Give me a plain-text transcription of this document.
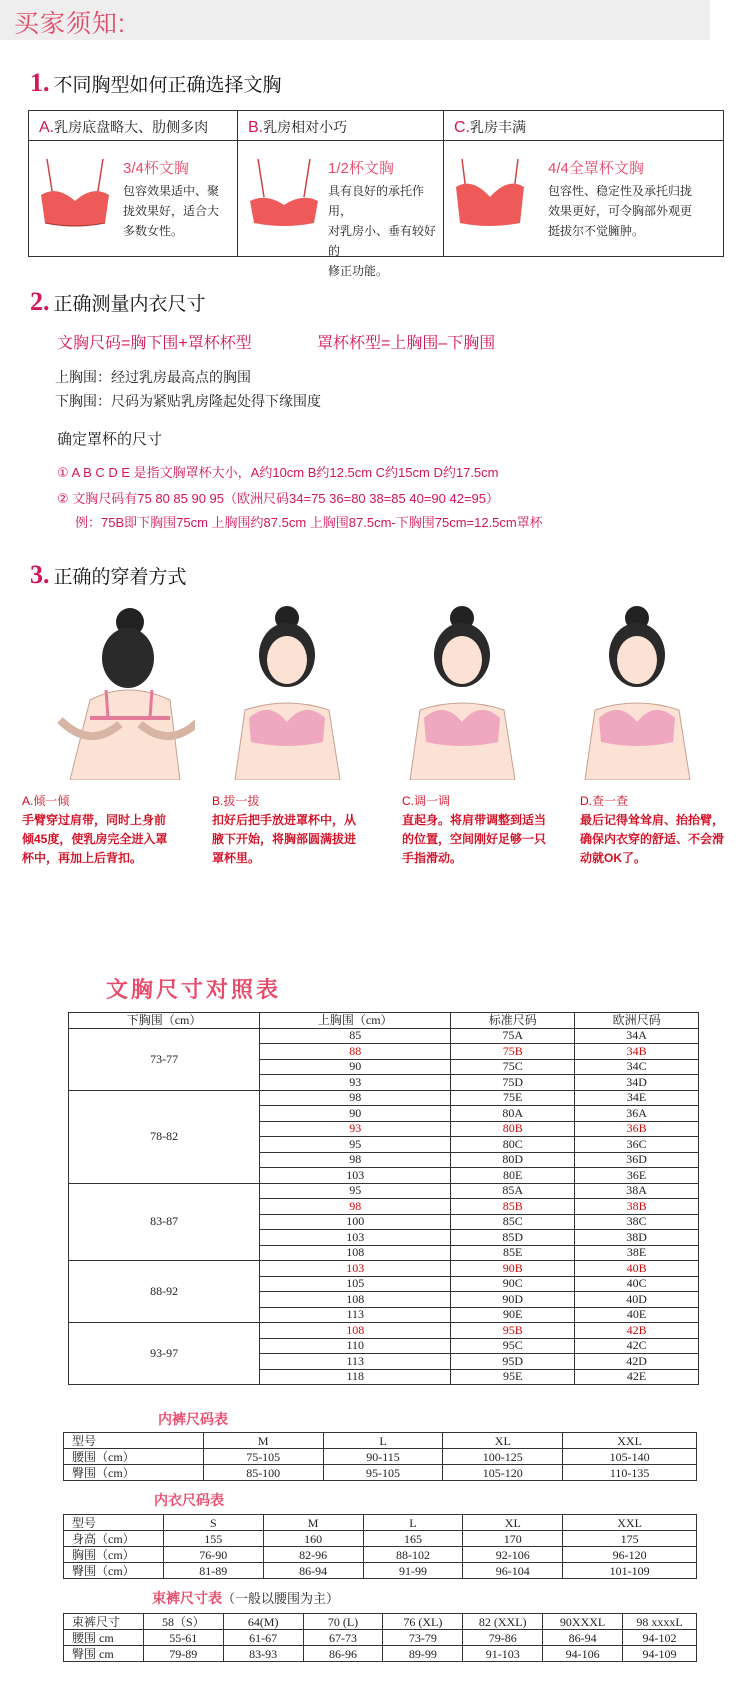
买家须知:
1. 不同胸型如何正确选择文胸
A.乳房底盘略大、肋侧多肉
3/4杯文胸
包容效果适中、聚
拢效果好，适合大
多数女性。
B.乳房相对小巧
1/2杯文胸
具有良好的承托作用，
对乳房小、垂有较好的
修正功能。
C.乳房丰满
4/4全罩杯文胸
包容性、稳定性及承托归拢
效果更好，可令胸部外观更
挺拔尔不觉臃肿。
2. 正确测量内衣尺寸
文胸尺码=胸下围+罩杯杯型	罩杯杯型=上胸围–下胸围
上胸围：经过乳房最高点的胸围
下胸围：尺码为紧贴乳房隆起处得下缘围度
确定罩杯的尺寸
① A B C D E 是指文胸罩杯大小，A约10cm B约12.5cm C约15cm D约17.5cm
② 文胸尺码有75 80 85 90 95（欧洲尺码34=75 36=80 38=85 40=90 42=95）
例：75B即下胸围75cm 上胸围约87.5cm 上胸围87.5cm-下胸围75cm=12.5cm罩杯
3. 正确的穿着方式
A.倾一倾
手臂穿过肩带，同时上身前
倾45度，使乳房完全进入罩
杯中，再加上后背扣。
B.拔一拔
扣好后把手放进罩杯中，从
腋下开始，将胸部圆满拔进
罩杯里。
C.调一调
直起身。将肩带调整到适当
的位置，空间刚好足够一只
手指滑动。
D.查一查
最后记得耸耸肩、抬抬臂，
确保内衣穿的舒适、不会滑
动就OK了。
文胸尺寸对照表
下胸围（cm）	上胸围（cm）	标准尺码	欧洲尺码
73-77	85	75A	34A
	88	75B	34B
	90	75C	34C
	93	75D	34D
78-82	98	75E	34E
	90	80A	36A
	93	80B	36B
	95	80C	36C
	98	80D	36D
	103	80E	36E
83-87	95	85A	38A
	98	85B	38B
	100	85C	38C
	103	85D	38D
	108	85E	38E
88-92	103	90B	40B
	105	90C	40C
	108	90D	40D
	113	90E	40E
93-97	108	95B	42B
	110	95C	42C
	113	95D	42D
	118	95E	42E
内裤尺码表
型号	M	L	XL	XXL
腰围（cm）	75-105	90-115	100-125	105-140
臀围（cm）	85-100	95-105	105-120	110-135
内衣尺码表
型号	S	M	L	XL	XXL
身高（cm）	155	160	165	170	175
胸围（cm）	76-90	82-96	88-102	92-106	96-120
臀围（cm）	81-89	86-94	91-99	96-104	101-109
束裤尺寸表（一般以腰围为主）
束裤尺寸	58（S）	64(M)	70 (L)	76 (XL)	82 (XXL)	90XXXL	98 xxxxL
腰围 cm	55-61	61-67	67-73	73-79	79-86	86-94	94-102
臀围 cm	79-89	83-93	86-96	89-99	91-103	94-106	94-109
